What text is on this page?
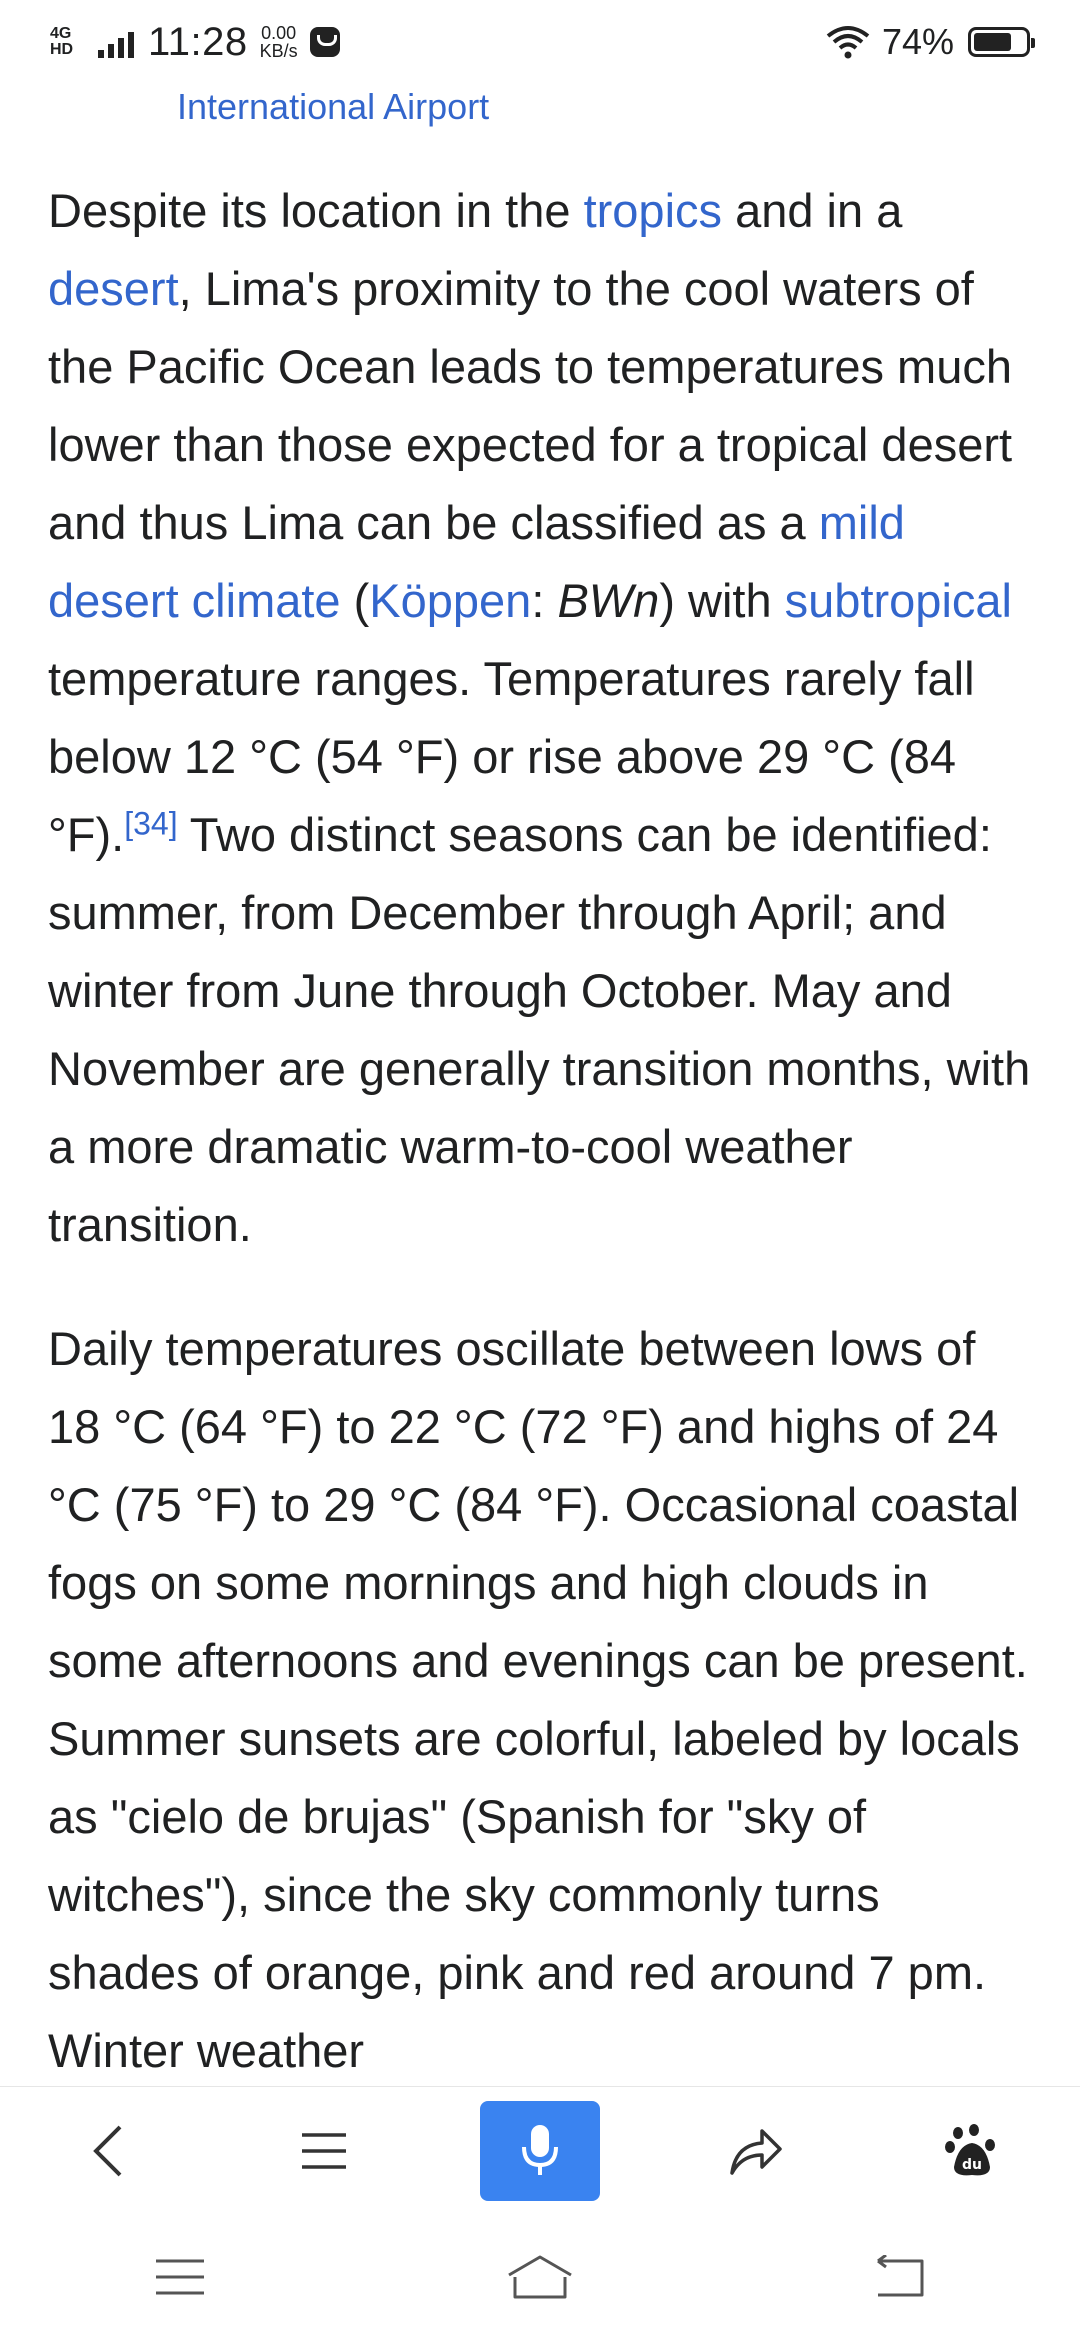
4G HD	11:28 0.00
KB/s	74%
International Airport

Despite its location in the tropics and in a desert, Lima's proximity to the cool waters of the Pacific Ocean leads to temperatures much lower than those expected for a tropical desert and thus Lima can be classified as a mild desert climate (Köppen: BWn) with subtropical temperature ranges. Temperatures rarely fall below 12 °C (54 °F) or rise above 29 °C (84 °F).[34] Two distinct seasons can be identified: summer, from December through April; and winter from June through October. May and November are generally transition months, with a more dramatic warm-to-cool weather transition.

Daily temperatures oscillate between lows of 18 °C (64 °F) to 22 °C (72 °F) and highs of 24 °C (75 °F) to 29 °C (84 °F). Occasional coastal fogs on some mornings and high clouds in some afternoons and evenings can be present. Summer sunsets are colorful, labeled by locals as "cielo de brujas" (Spanish for "sky of witches"), since the sky commonly turns shades of orange, pink and red around 7 pm. Winter weather

du
